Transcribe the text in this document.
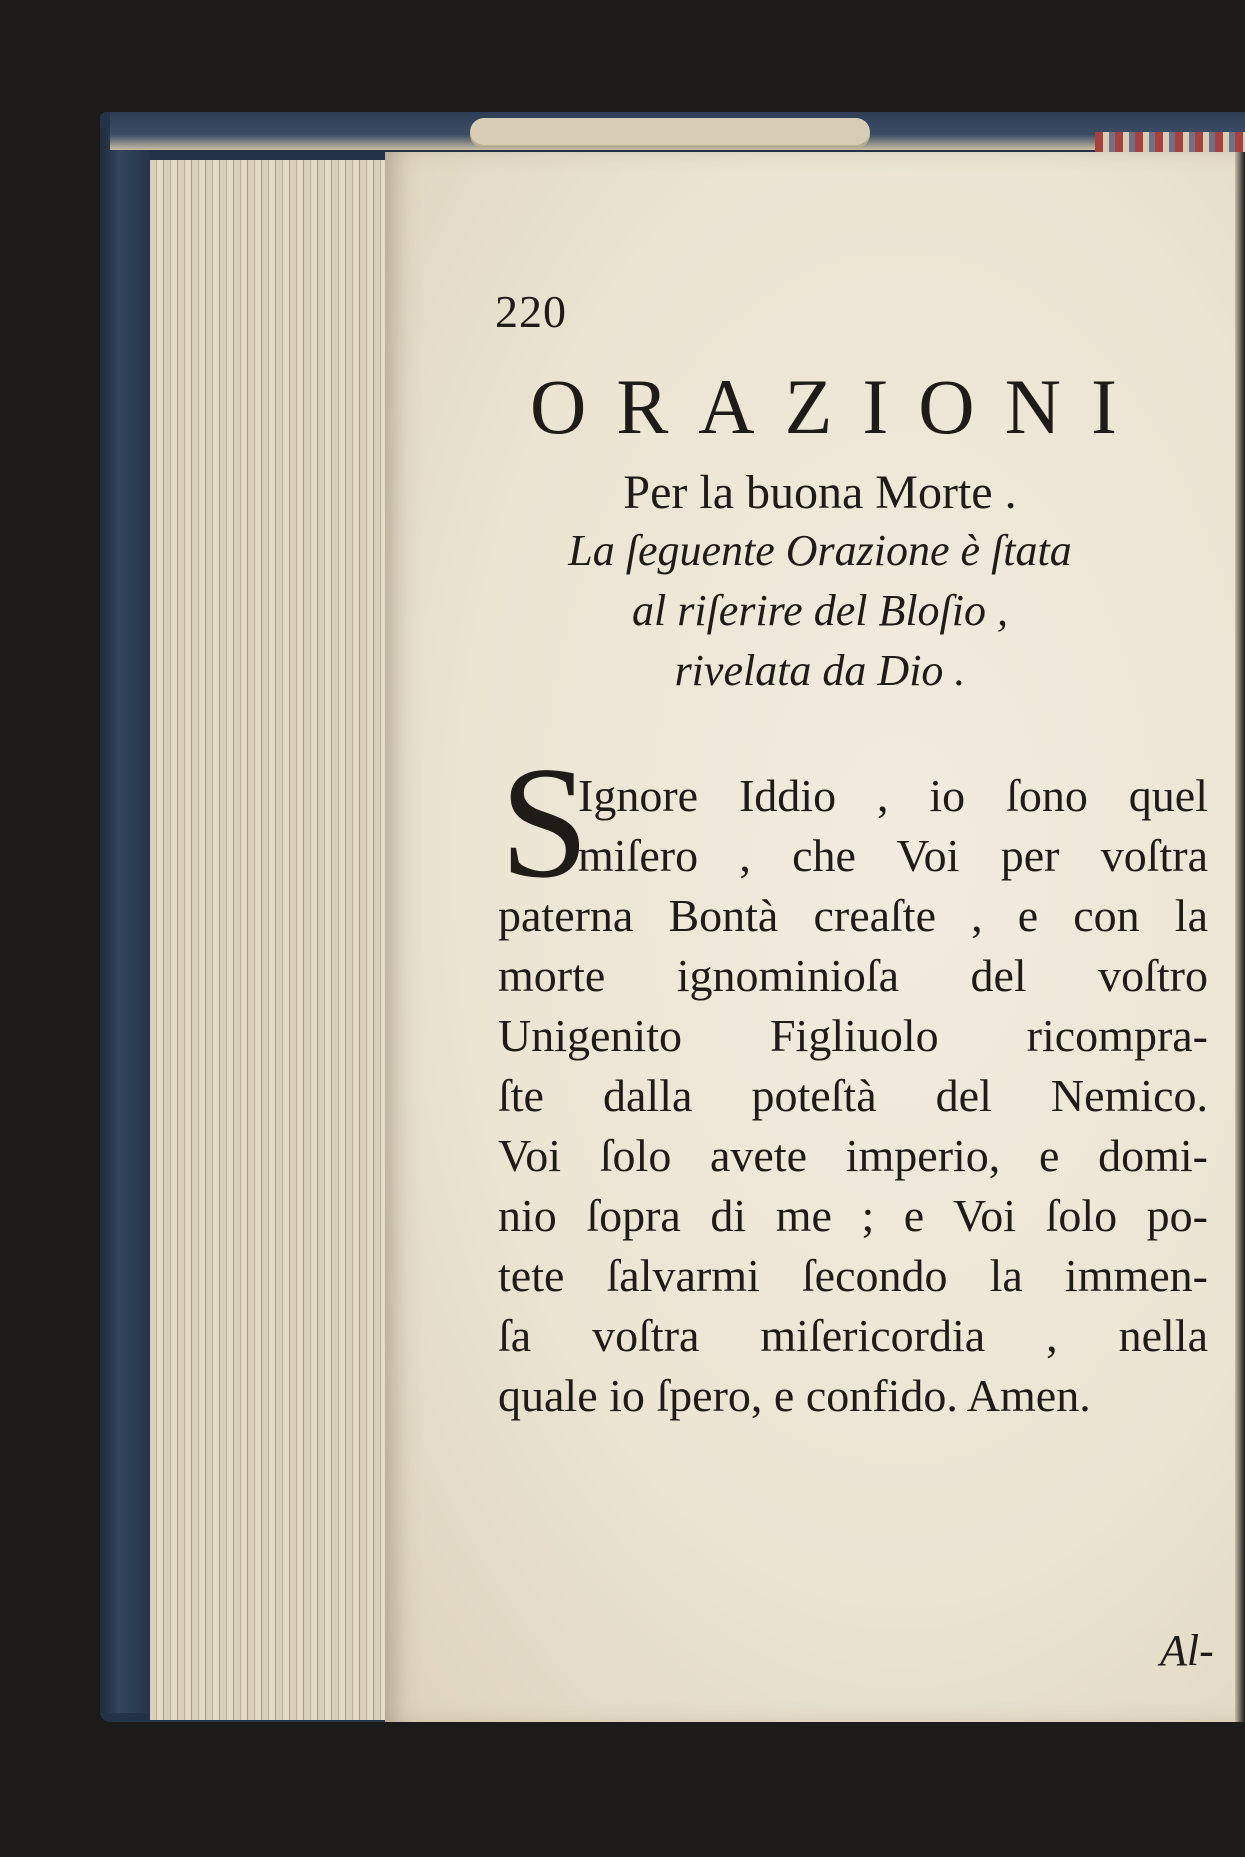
220
ORAZIONI
Per la buona Morte .
La ſeguente Orazione è ſtata
al riſerire del Bloſio ,
rivelata da Dio .
S
Ignore Iddio , io ſono quel
miſero , che Voi per voſtra
paterna Bontà creaſte , e con la
morte ignominioſa del voſtro
Unigenito Figliuolo ricompra-
ſte dalla poteſtà del Nemico.
Voi ſolo avete imperio, e domi-
nio ſopra di me ; e Voi ſolo po-
tete ſalvarmi ſecondo la immen-
ſa voſtra miſericordia , nella
quale io ſpero, e confido. Amen.
Al-
